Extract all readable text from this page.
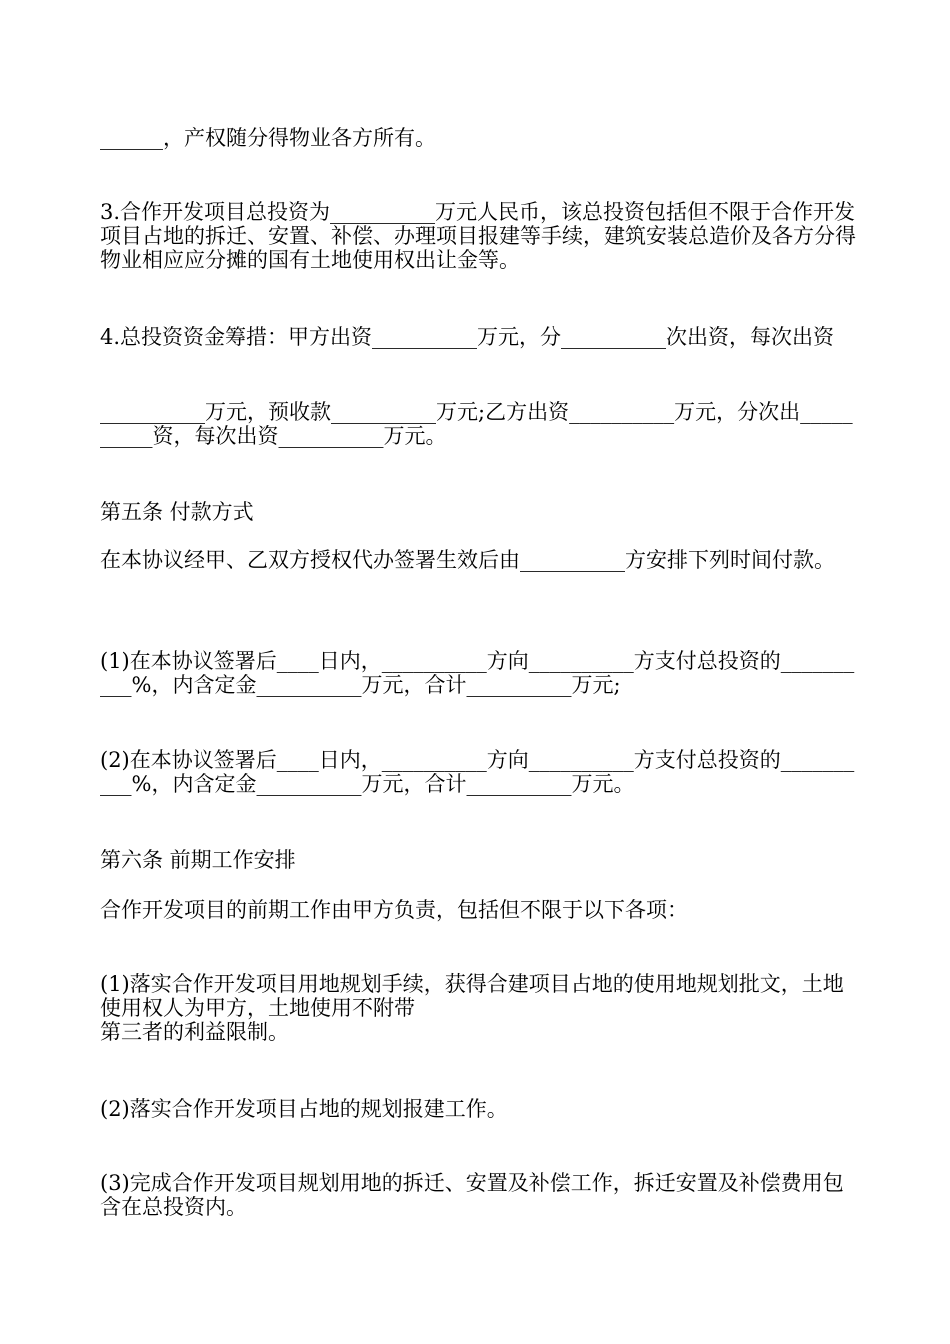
______，产权随分得物业各方所有。

3.合作开发项目总投资为__________万元人民币，该总投资包括但不限于合作开发项目占地的拆迁、安置、补偿、办理项目报建等手续，建筑安装总造价及各方分得物业相应应分摊的国有土地使用权出让金等。

4.总投资资金筹措：甲方出资__________万元，分__________次出资，每次出资

__________万元，预收款__________万元;乙方出资__________万元，分次出__________资，每次出资__________万元。

第五条 付款方式

在本协议经甲、乙双方授权代办签署生效后由__________方安排下列时间付款。

(1)在本协议签署后____日内，__________方向__________方支付总投资的__________%，内含定金__________万元，合计__________万元;

(2)在本协议签署后____日内，__________方向__________方支付总投资的__________%，内含定金__________万元，合计__________万元。

第六条 前期工作安排

合作开发项目的前期工作由甲方负责，包括但不限于以下各项：

(1)落实合作开发项目用地规划手续，获得合建项目占地的使用地规划批文，土地使用权人为甲方，土地使用不附带
第三者的利益限制。

(2)落实合作开发项目占地的规划报建工作。

(3)完成合作开发项目规划用地的拆迁、安置及补偿工作，拆迁安置及补偿费用包含在总投资内。
